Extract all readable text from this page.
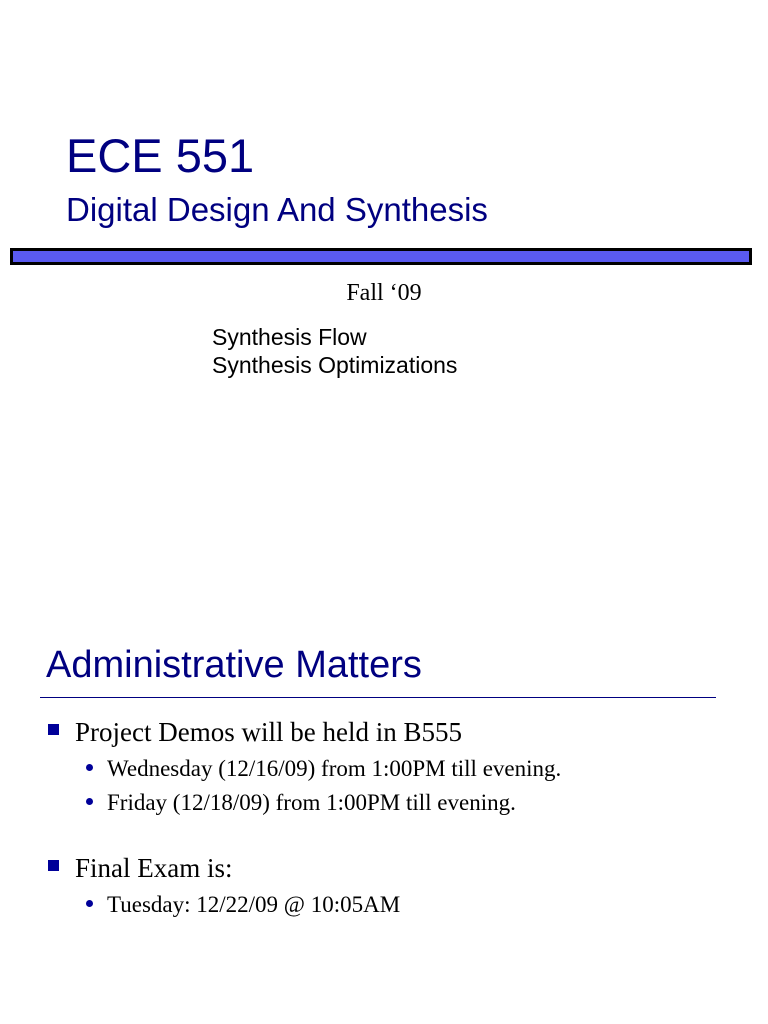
ECE 551
Digital Design And Synthesis
Fall ‘09
Synthesis Flow
Synthesis Optimizations
Administrative Matters
Project Demos will be held in B555
Wednesday (12/16/09) from 1:00PM till evening.
Friday (12/18/09) from 1:00PM till evening.
Final Exam is:
Tuesday: 12/22/09 @ 10:05AM
